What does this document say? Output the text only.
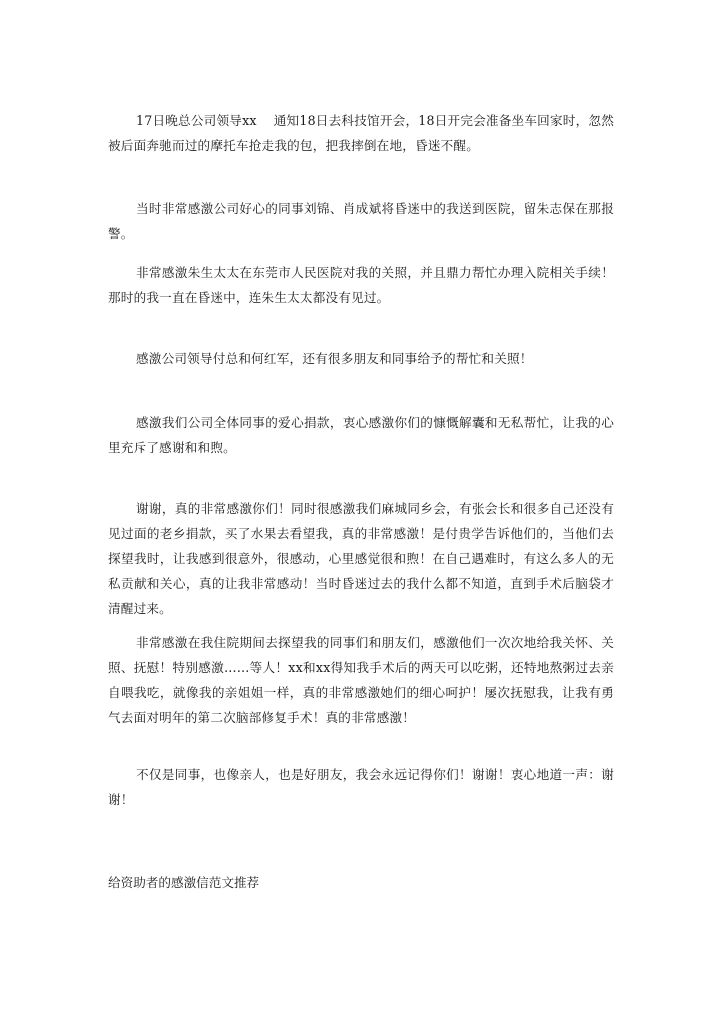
17日晚总公司领导xx　 通知18日去科技馆开会，18日开完会准备坐车回家时，忽然被后面奔驰而过的摩托车抢走我的包，把我摔倒在地，昏迷不醒。

当时非常感激公司好心的同事刘锦、肖成斌将昏迷中的我送到医院，留朱志保在那报警。

非常感激朱生太太在东莞市人民医院对我的关照，并且鼎力帮忙办理入院相关手续！那时的我一直在昏迷中，连朱生太太都没有见过。

感激公司领导付总和何红军，还有很多朋友和同事给予的帮忙和关照！

感激我们公司全体同事的爱心捐款，衷心感激你们的慷慨解囊和无私帮忙，让我的心里充斥了感谢和和煦。

谢谢，真的非常感激你们！同时很感激我们麻城同乡会，有张会长和很多自己还没有见过面的老乡捐款，买了水果去看望我，真的非常感激！是付贵学告诉他们的，当他们去探望我时，让我感到很意外，很感动，心里感觉很和煦！在自己遇难时，有这么多人的无私贡献和关心，真的让我非常感动！当时昏迷过去的我什么都不知道，直到手术后脑袋才清醒过来。

非常感激在我住院期间去探望我的同事们和朋友们，感激他们一次次地给我关怀、关照、抚慰！特别感激……等人！xx和xx得知我手术后的两天可以吃粥，还特地熬粥过去亲自喂我吃，就像我的亲姐姐一样，真的非常感激她们的细心呵护！屡次抚慰我，让我有勇气去面对明年的第二次脑部修复手术！真的非常感激！

不仅是同事，也像亲人，也是好朋友，我会永远记得你们！谢谢！衷心地道一声：谢谢！

给资助者的感激信范文推荐
